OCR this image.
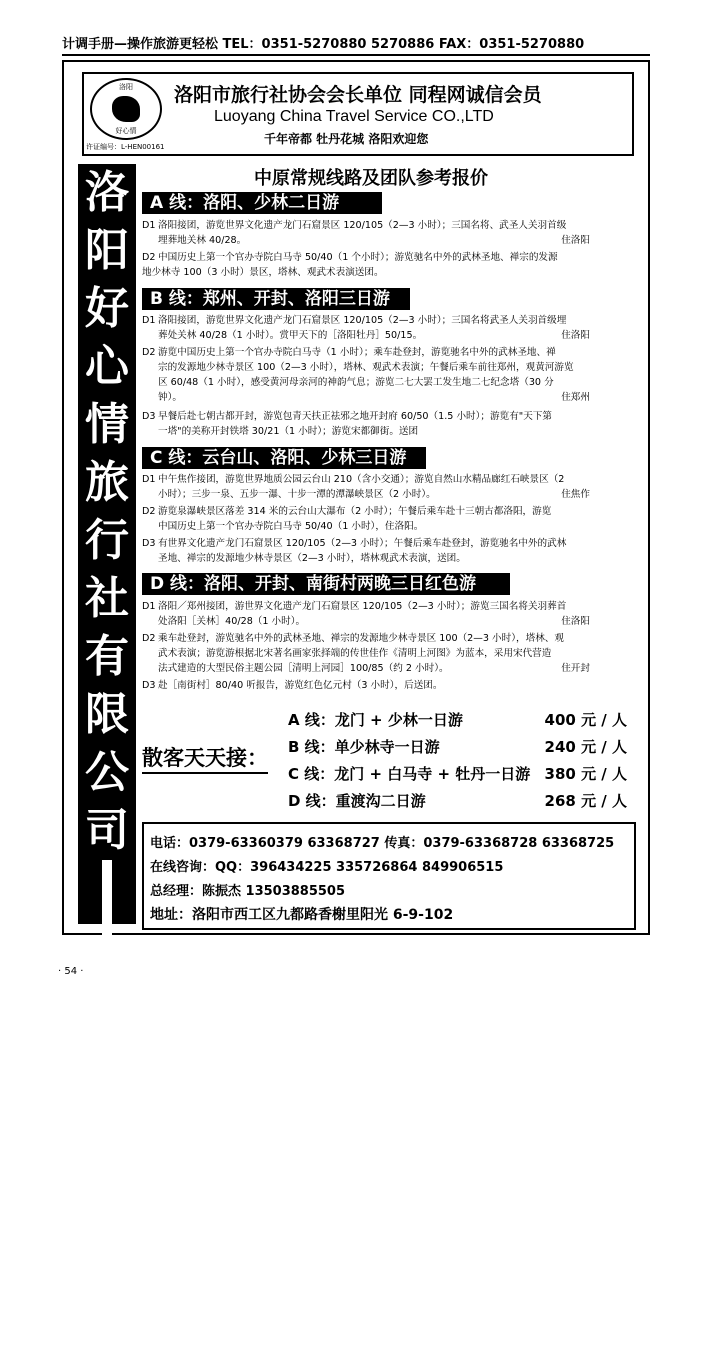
计调手册—操作旅游更轻松 TEL：0351-5270880 5270886 FAX：0351-5270880
洛阳
好心情
许证编号：L-HEN00161
洛阳市旅行社协会会长单位 同程网诚信会员
Luoyang China Travel Service CO.,LTD
千年帝都 牡丹花城 洛阳欢迎您
洛
阳
好
心
情
旅
行
社
有
限
公
司
中
原
专
业
地
接
社
中原常规线路及团队参考报价
A 线：洛阳、少林二日游
D1 洛阳接团，游览世界文化遗产龙门石窟景区 120/105（2—3 小时）；三国名将、武圣人关羽首级
埋葬地关林 40/28。	住洛阳
D2 中国历史上第一个官办寺院白马寺 50/40（1 个小时）；游览驰名中外的武林圣地、禅宗的发源
地少林寺 100（3 小时）景区，塔林、观武术表演送团。
B 线：郑州、开封、洛阳三日游
D1 洛阳接团，游览世界文化遗产龙门石窟景区 120/105（2—3 小时）；三国名将武圣人关羽首级埋
葬处关林 40/28（1 小时）。赏甲天下的［洛阳牡丹］50/15。	住洛阳
D2 游览中国历史上第一个官办寺院白马寺（1 小时）；乘车赴登封，游览驰名中外的武林圣地、禅
宗的发源地少林寺景区 100（2—3 小时），塔林、观武术表演；午餐后乘车前往郑州，观黄河游览
区 60/48（1 小时），感受黄河母亲河的神韵气息；游览二七大罢工发生地二七纪念塔（30 分
钟）。	住郑州
D3 早餐后赴七朝古都开封，游览包青天扶正祛邪之地开封府 60/50（1.5 小时）；游览有"天下第
一塔"的美称开封铁塔 30/21（1 小时）；游览宋都御街。送团
C 线：云台山、洛阳、少林三日游
D1 中午焦作接团，游览世界地质公园云台山 210（含小交通）；游览自然山水精品廊红石峡景区（2
小时）；三步一泉、五步一瀑、十步一潭的潭瀑峡景区（2 小时）。	住焦作
D2 游览泉瀑峡景区落差 314 米的云台山大瀑布（2 小时）；午餐后乘车赴十三朝古都洛阳，游览
中国历史上第一个官办寺院白马寺 50/40（1 小时），住洛阳。
D3 有世界文化遗产龙门石窟景区 120/105（2—3 小时）；午餐后乘车赴登封，游览驰名中外的武林
圣地、禅宗的发源地少林寺景区（2—3 小时），塔林观武术表演，送团。
D 线：洛阳、开封、南街村两晚三日红色游
D1 洛阳／郑州接团，游世界文化遗产龙门石窟景区 120/105（2—3 小时）；游览三国名将关羽葬首
处洛阳［关林］40/28（1 小时）。	住洛阳
D2 乘车赴登封，游览驰名中外的武林圣地、禅宗的发源地少林寺景区 100（2—3 小时），塔林、观
武术表演；游览游根据北宋著名画家张择端的传世佳作《清明上河图》为蓝本，采用宋代营造
法式建造的大型民俗主题公园［清明上河园］100/85（约 2 小时）。	住开封
D3 赴［南街村］80/40 听报告，游览红色亿元村（3 小时），后送团。
散客天天接：
A 线：龙门 + 少林一日游	400 元 / 人
B 线：单少林寺一日游	240 元 / 人
C 线：龙门 + 白马寺 + 牡丹一日游 380 元 / 人
D 线：重渡沟二日游	268 元 / 人
电话：0379-63360379 63368727 传真：0379-63368728 63368725
在线咨询：QQ：396434225 335726864 849906515
总经理：陈振杰 13503885505
地址：洛阳市西工区九都路香榭里阳光 6-9-102
· 54 ·
